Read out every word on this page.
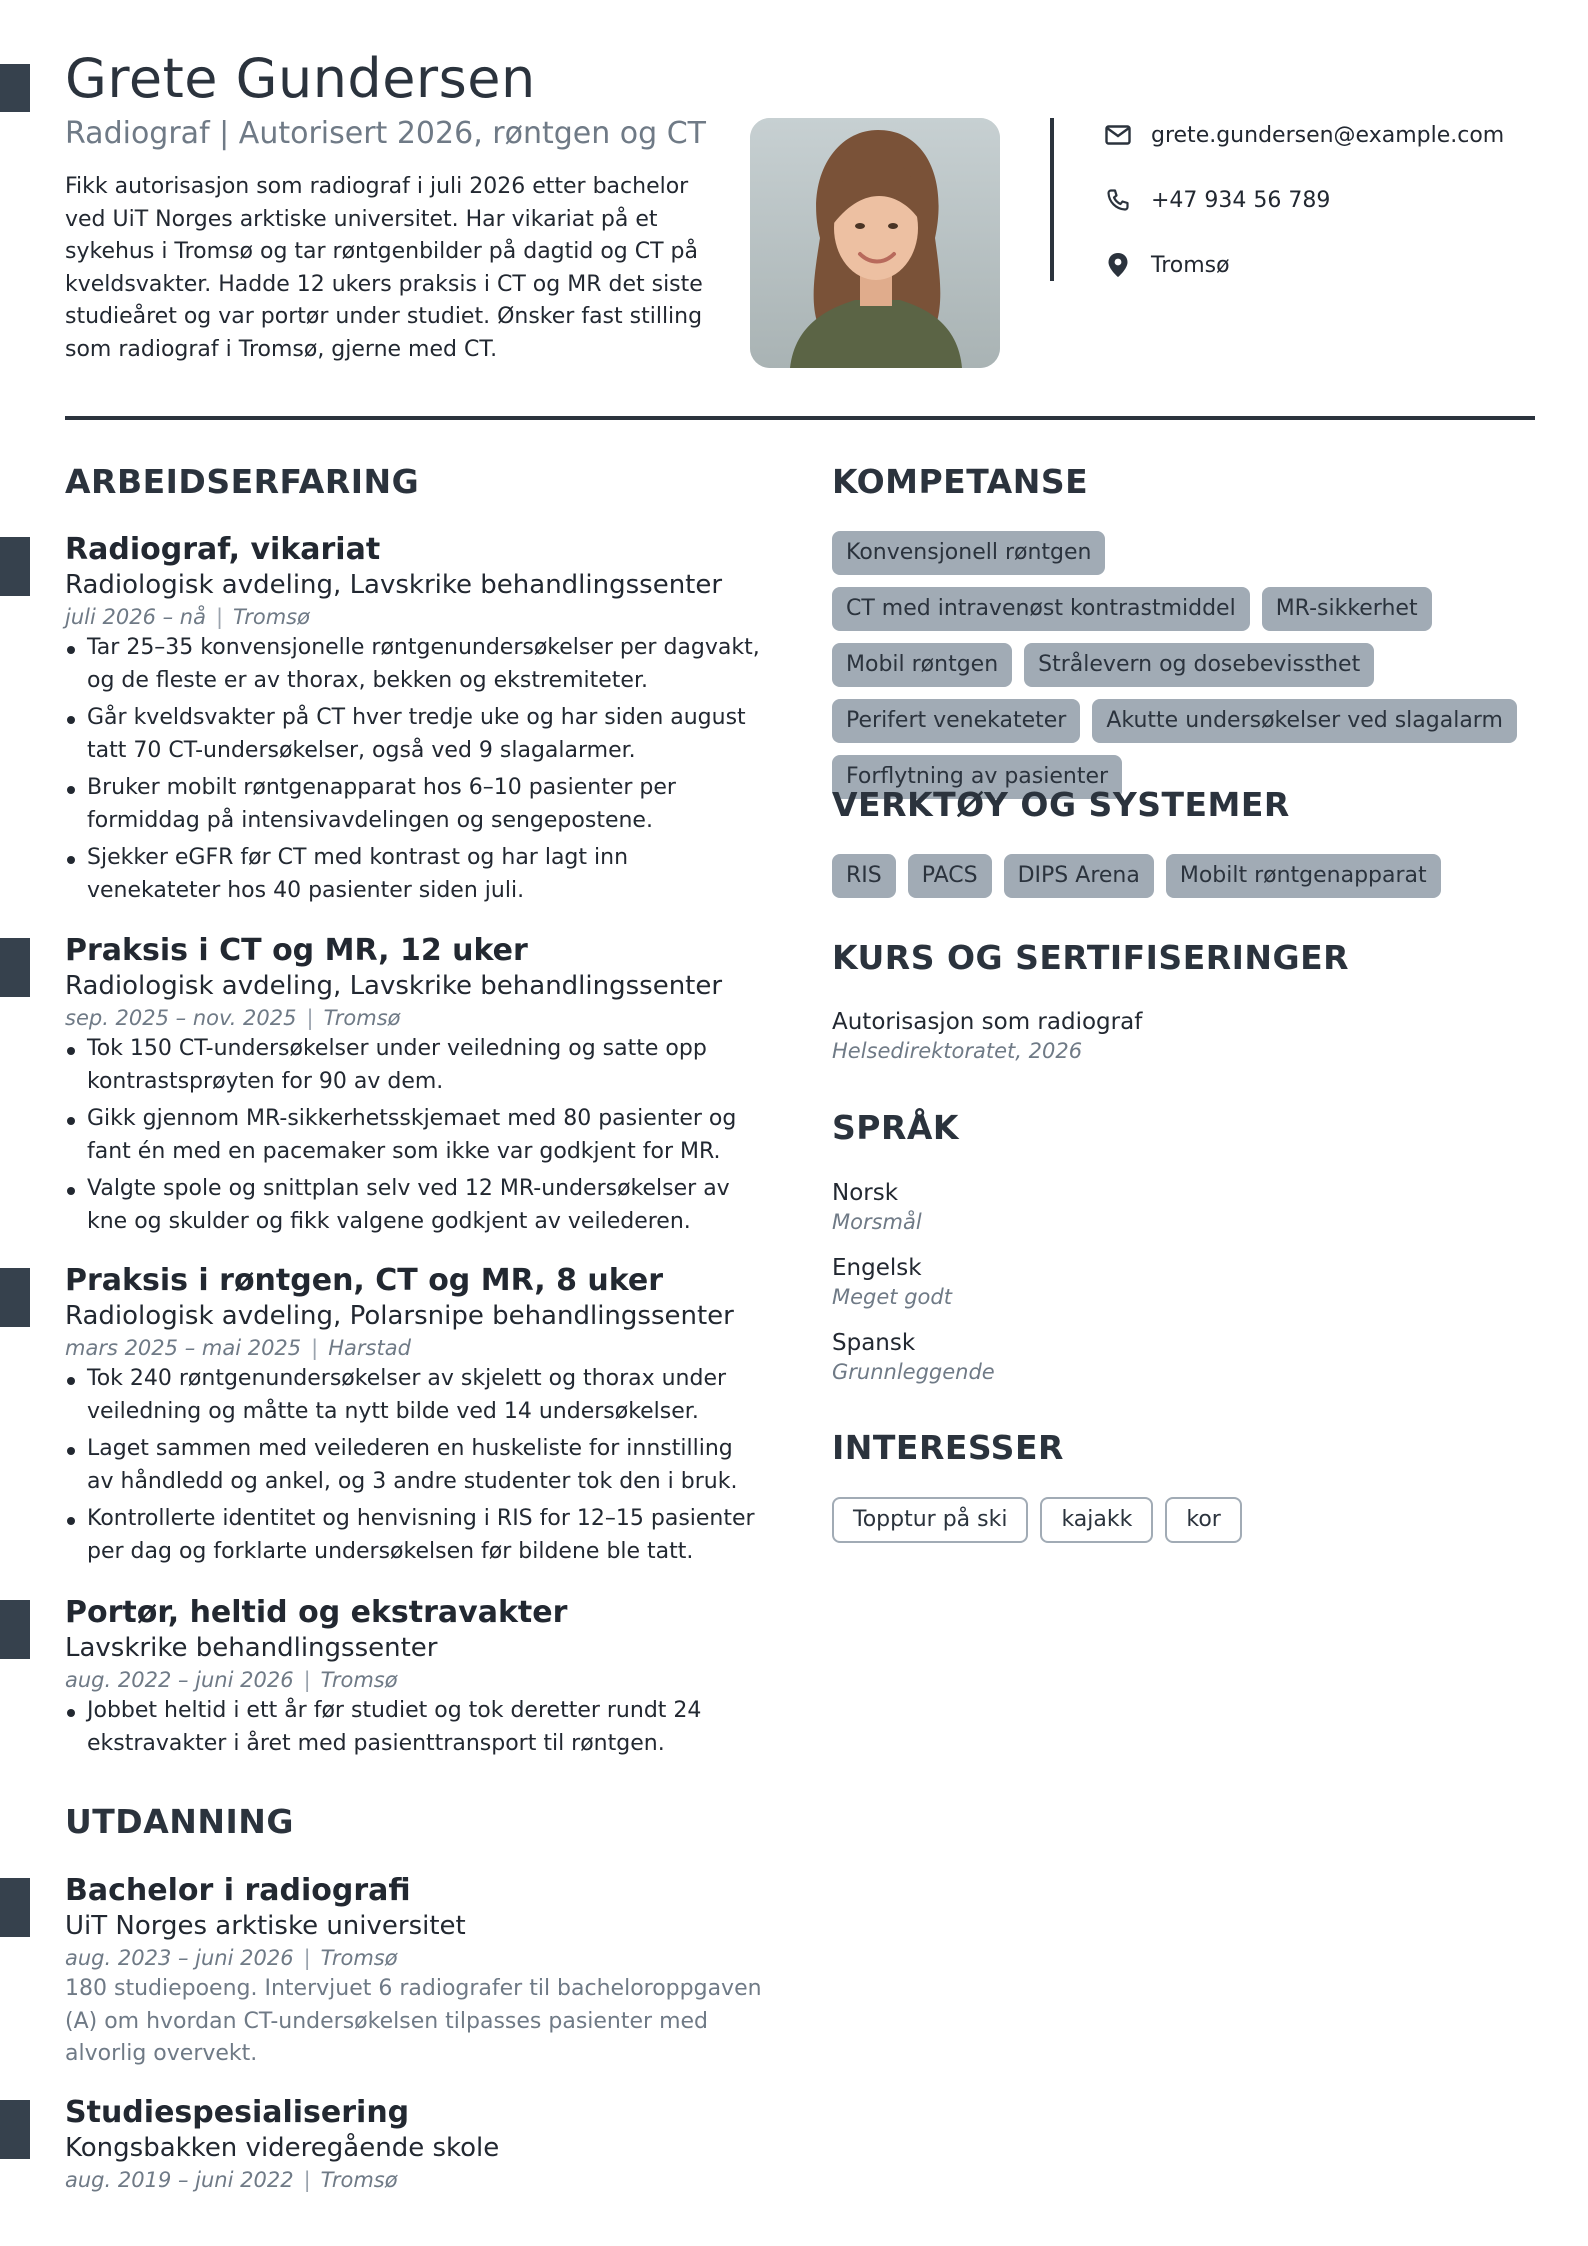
Grete Gundersen
Radiograf | Autorisert 2026, røntgen og CT
Fikk autorisasjon som radiograf i juli 2026 etter bachelor ved UiT Norges arktiske universitet. Har vikariat på et sykehus i Tromsø og tar røntgenbilder på dagtid og CT på kveldsvakter. Hadde 12 ukers praksis i CT og MR det siste studieåret og var portør under studiet. Ønsker fast stilling som radiograf i Tromsø, gjerne med CT.
grete.gundersen@example.com
+47 934 56 789
Tromsø
ARBEIDSERFARING
Radiograf, vikariat
Radiologisk avdeling, Lavskrike behandlingssenter
juli 2026 – nå | Tromsø
Tar 25–35 konvensjonelle røntgenundersøkelser per dagvakt, og de fleste er av thorax, bekken og ekstremiteter.
Går kveldsvakter på CT hver tredje uke og har siden august tatt 70 CT-undersøkelser, også ved 9 slagalarmer.
Bruker mobilt røntgenapparat hos 6–10 pasienter per formiddag på intensivavdelingen og sengepostene.
Sjekker eGFR før CT med kontrast og har lagt inn venekateter hos 40 pasienter siden juli.
Praksis i CT og MR, 12 uker
Radiologisk avdeling, Lavskrike behandlingssenter
sep. 2025 – nov. 2025 | Tromsø
Tok 150 CT-undersøkelser under veiledning og satte opp kontrastsprøyten for 90 av dem.
Gikk gjennom MR-sikkerhetsskjemaet med 80 pasienter og fant én med en pacemaker som ikke var godkjent for MR.
Valgte spole og snittplan selv ved 12 MR-undersøkelser av kne og skulder og fikk valgene godkjent av veilederen.
Praksis i røntgen, CT og MR, 8 uker
Radiologisk avdeling, Polarsnipe behandlingssenter
mars 2025 – mai 2025 | Harstad
Tok 240 røntgenundersøkelser av skjelett og thorax under veiledning og måtte ta nytt bilde ved 14 undersøkelser.
Laget sammen med veilederen en huskeliste for innstilling av håndledd og ankel, og 3 andre studenter tok den i bruk.
Kontrollerte identitet og henvisning i RIS for 12–15 pasienter per dag og forklarte undersøkelsen før bildene ble tatt.
Portør, heltid og ekstravakter
Lavskrike behandlingssenter
aug. 2022 – juni 2026 | Tromsø
Jobbet heltid i ett år før studiet og tok deretter rundt 24 ekstravakter i året med pasienttransport til røntgen.
UTDANNING
Bachelor i radiografi
UiT Norges arktiske universitet
aug. 2023 – juni 2026 | Tromsø
180 studiepoeng. Intervjuet 6 radiografer til bacheloroppgaven (A) om hvordan CT-undersøkelsen tilpasses pasienter med alvorlig overvekt.
Studiespesialisering
Kongsbakken videregående skole
aug. 2019 – juni 2022 | Tromsø
KOMPETANSE
Konvensjonell røntgen
CT med intravenøst kontrastmiddel	MR-sikkerhet
Mobil røntgen	Strålevern og dosebevissthet
Perifert venekateter	Akutte undersøkelser ved slagalarm
Forflytning av pasienter
VERKTØY OG SYSTEMER
RIS	PACS	DIPS Arena	Mobilt røntgenapparat
KURS OG SERTIFISERINGER
Autorisasjon som radiograf
Helsedirektoratet, 2026
SPRÅK
Norsk
Morsmål
Engelsk
Meget godt
Spansk
Grunnleggende
INTERESSER
Topptur på ski	kajakk	kor
